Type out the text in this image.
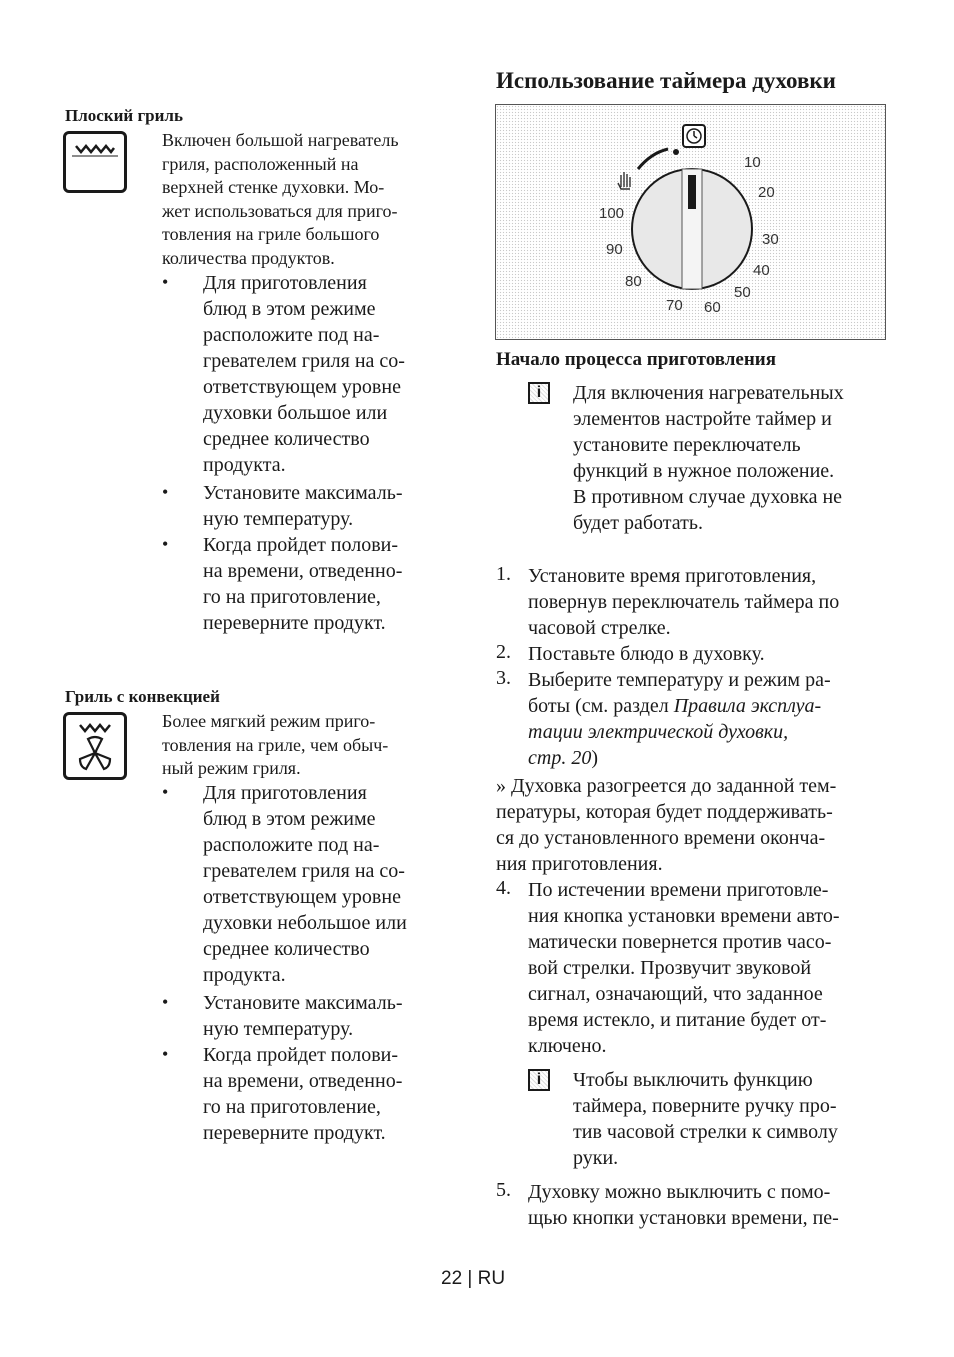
Плоский гриль
Включен большой нагреватель
гриля, расположенный на
верхней стенке духовки. Мо-
жет использоваться для приго-
товления на гриле большого
количества продуктов.
• Для приготовления
блюд в этом режиме
расположите под на-
гревателем гриля на со-
ответствующем уровне
духовки большое или
среднее количество
продукта.
• Установите максималь-
ную температуру.
• Когда пройдет полови-
на времени, отведенно-
го на приготовление,
переверните продукт.
Гриль с конвекцией
Более мягкий режим приго-
товления на гриле, чем обыч-
ный режим гриля.
• Для приготовления
блюд в этом режиме
расположите под на-
гревателем гриля на со-
ответствующем уровне
духовки небольшое или
среднее количество
продукта.
• Установите максималь-
ную температуру.
• Когда пройдет полови-
на времени, отведенно-
го на приготовление,
переверните продукт.
Использование таймера духовки
10
20
30
40
50
60
70
80
90
100
Начало процесса приготовления
i	Для включения нагревательных
элементов настройте таймер и
установите переключатель
функций в нужное положение.
В противном случае духовка не
будет работать.
1. Установите время приготовления,
повернув переключатель таймера по
часовой стрелке.
2. Поставьте блюдо в духовку.
3. Выберите температуру и режим ра-
боты (см. раздел Правила эксплуа-
тации электрической духовки,
стр. 20)
» Духовка разогреется до заданной тем-
пературы, которая будет поддерживать-
ся до установленного времени оконча-
ния приготовления.
4. По истечении времени приготовле-
ния кнопка установки времени авто-
матически повернется против часо-
вой стрелки. Прозвучит звуковой
сигнал, означающий, что заданное
время истекло, и питание будет от-
ключено.
i	Чтобы выключить функцию
таймера, поверните ручку про-
тив часовой стрелки к символу
руки.
5. Духовку можно выключить с помо-
щью кнопки установки времени, пе-
22 | RU
